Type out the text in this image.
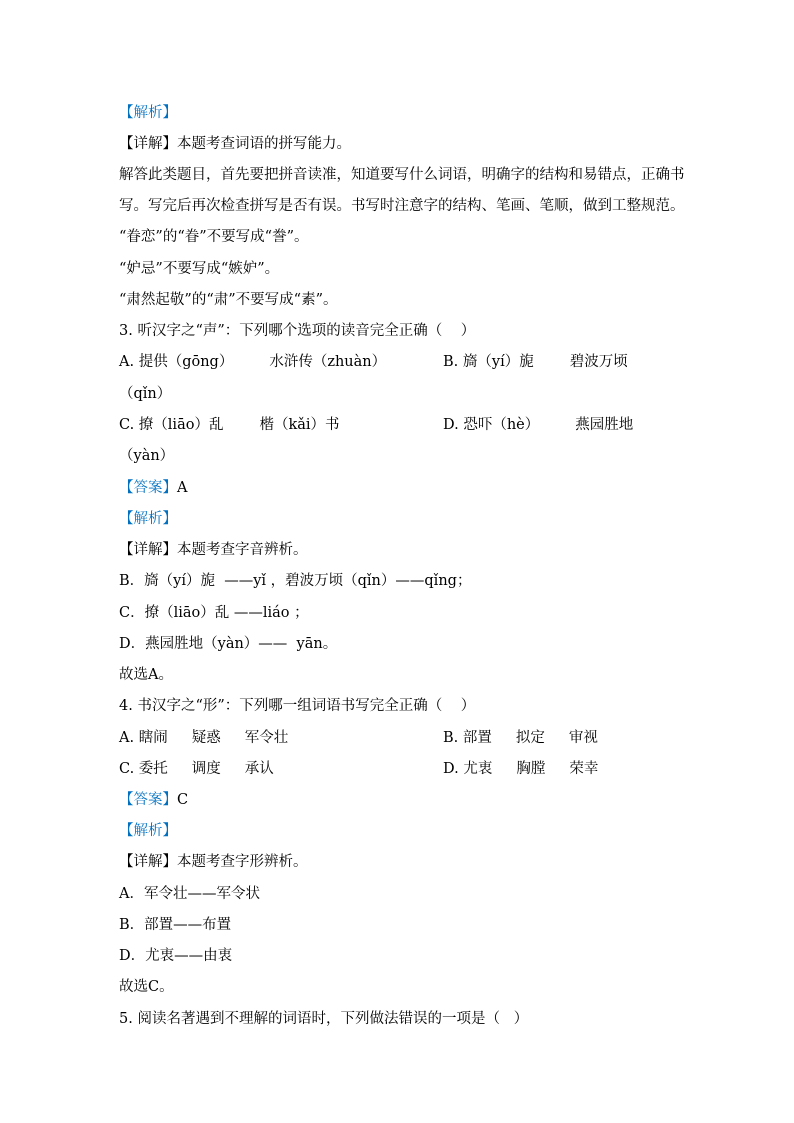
【解析】
【详解】本题考查词语的拼写能力。
解答此类题目，首先要把拼音读准，知道要写什么词语，明确字的结构和易错点，正确书
写。写完后再次检查拼写是否有误。书写时注意字的结构、笔画、笔顺，做到工整规范。
“眷恋”的“眷”不要写成“誊”。
“妒忌”不要写成“嫉妒”。
“肃然起敬”的“肃”不要写成“素”。
3. 听汉字之“声”：下列哪个选项的读音完全正确（    ）
A. 提供（gōng） 水浒传（zhuàn）	B. 旖（yí）旎 碧波万顷
（qǐn）
C. 撩（liāo）乱 楷（kǎi）书	D. 恐吓（hè） 燕园胜地
（yàn）
【答案】A
【解析】
【详解】本题考查字音辨析。
B．旖（yí）旎  ——yǐ ，碧波万顷（qǐn）——qǐng；
C．撩（liāo）乱 ——liáo ；
D．燕园胜地（yàn）——  yān。
故选A。
4. 书汉字之“形”：下列哪一组词语书写完全正确（    ）
A. 瞎闹 疑惑 军令壮	B. 部置 拟定 审视
C. 委托 调度 承认	D. 尤衷 胸膛 荣幸
【答案】C
【解析】
【详解】本题考查字形辨析。
A．军令壮——军令状
B．部置——布置
D．尤衷——由衷
故选C。
5. 阅读名著遇到不理解的词语时，下列做法错误的一项是（   ）
